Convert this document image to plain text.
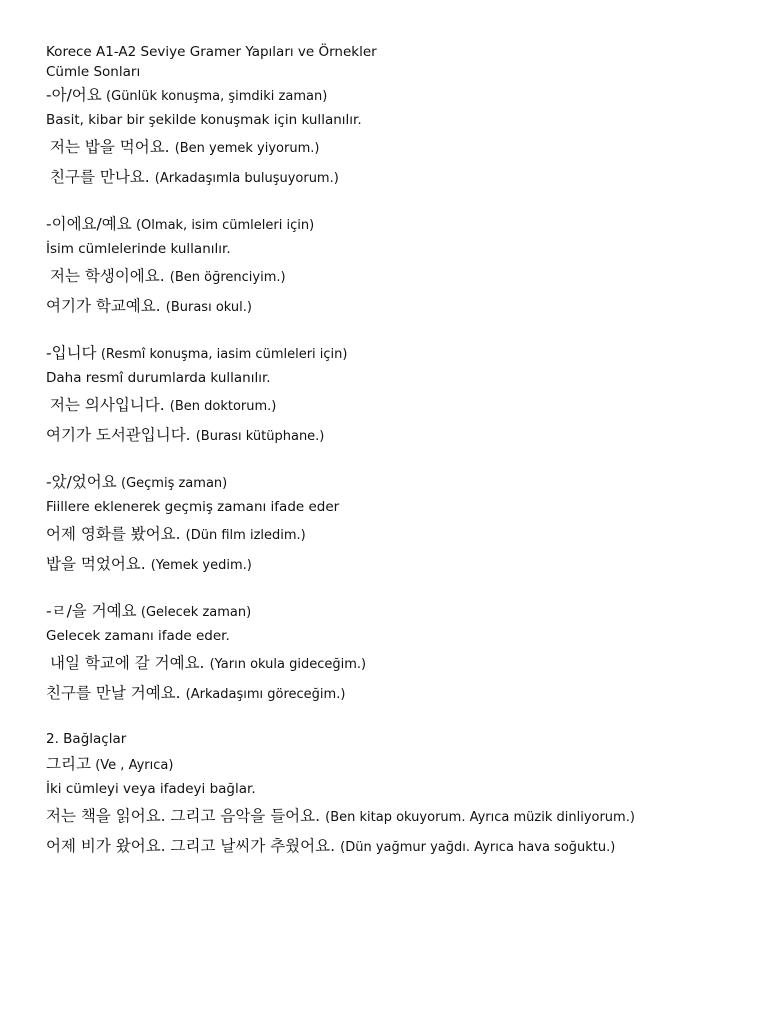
Korece A1-A2 Seviye Gramer Yapıları ve Örnekler
Cümle Sonları
-아/어요 (Günlük konuşma, şimdiki zaman)
Basit, kibar bir şekilde konuşmak için kullanılır.
저는 밥을 먹어요. (Ben yemek yiyorum.)
친구를 만나요. (Arkadaşımla buluşuyorum.)
-이에요/예요 (Olmak, isim cümleleri için)
İsim cümlelerinde kullanılır.
저는 학생이에요. (Ben öğrenciyim.)
여기가 학교예요. (Burası okul.)
-입니다 (Resmî konuşma, iasim cümleleri için)
Daha resmî durumlarda kullanılır.
저는 의사입니다. (Ben doktorum.)
여기가 도서관입니다. (Burası kütüphane.)
-았/었어요 (Geçmiş zaman)
Fiillere eklenerek geçmiş zamanı ifade eder
어제 영화를 봤어요. (Dün film izledim.)
밥을 먹었어요. (Yemek yedim.)
-ㄹ/을 거예요 (Gelecek zaman)
Gelecek zamanı ifade eder.
내일 학교에 갈 거예요. (Yarın okula gideceğim.)
친구를 만날 거예요. (Arkadaşımı göreceğim.)
2. Bağlaçlar
그리고 (Ve , Ayrıca)
İki cümleyi veya ifadeyi bağlar.
저는 책을 읽어요. 그리고 음악을 들어요. (Ben kitap okuyorum. Ayrıca müzik dinliyorum.)
어제 비가 왔어요. 그리고 날씨가 추웠어요. (Dün yağmur yağdı. Ayrıca hava soğuktu.)
